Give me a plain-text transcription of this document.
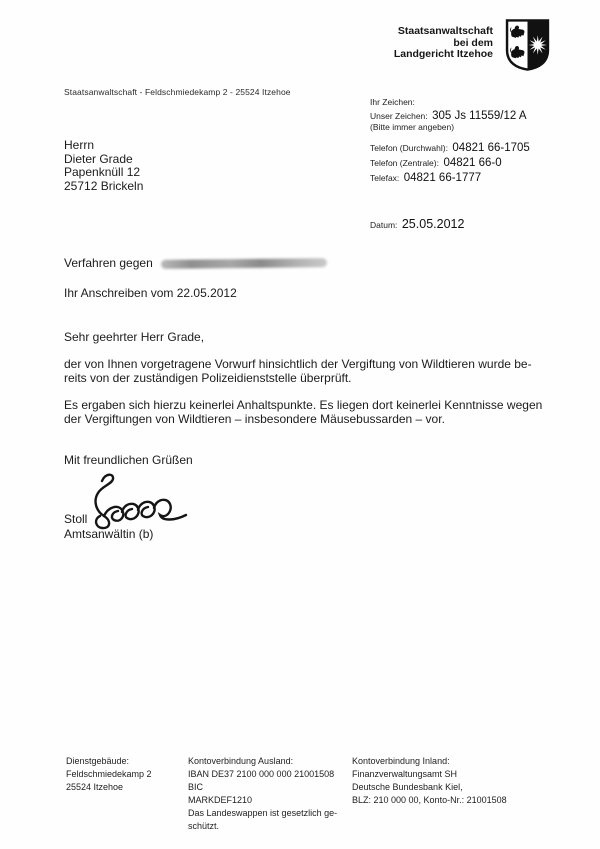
Staatsanwaltschaft
bei dem
Landgericht Itzehoe
Staatsanwaltschaft - Feldschmiedekamp 2 - 25524 Itzehoe
Ihr Zeichen:
Unser Zeichen: 305 Js 11559/12 A
(Bitte immer angeben)
Herrn
Dieter Grade
Papenknüll 12
25712 Brickeln
Telefon (Durchwahl): 04821 66-1705
Telefon (Zentrale): 04821 66-0
Telefax: 04821 66-1777
Datum: 25.05.2012
Verfahren gegen
Ihr Anschreiben vom 22.05.2012
Sehr geehrter Herr Grade,
der von Ihnen vorgetragene Vorwurf hinsichtlich der Vergiftung von Wildtieren wurde be-
reits von der zuständigen Polizeidienststelle überprüft.
Es ergaben sich hierzu keinerlei Anhaltspunkte. Es liegen dort keinerlei Kenntnisse wegen
der Vergiftungen von Wildtieren – insbesondere Mäusebussarden – vor.
Mit freundlichen Grüßen
Stoll
Amtsanwältin (b)
Dienstgebäude:
Feldschmiedekamp 2
25524 Itzehoe
Kontoverbindung Ausland:
IBAN DE37 2100 000 000 21001508 BIC
MARKDEF1210
Das Landeswappen ist gesetzlich ge-
schützt.
Kontoverbindung Inland:
Finanzverwaltungsamt SH
Deutsche Bundesbank Kiel,
BLZ: 210 000 00, Konto-Nr.: 21001508
